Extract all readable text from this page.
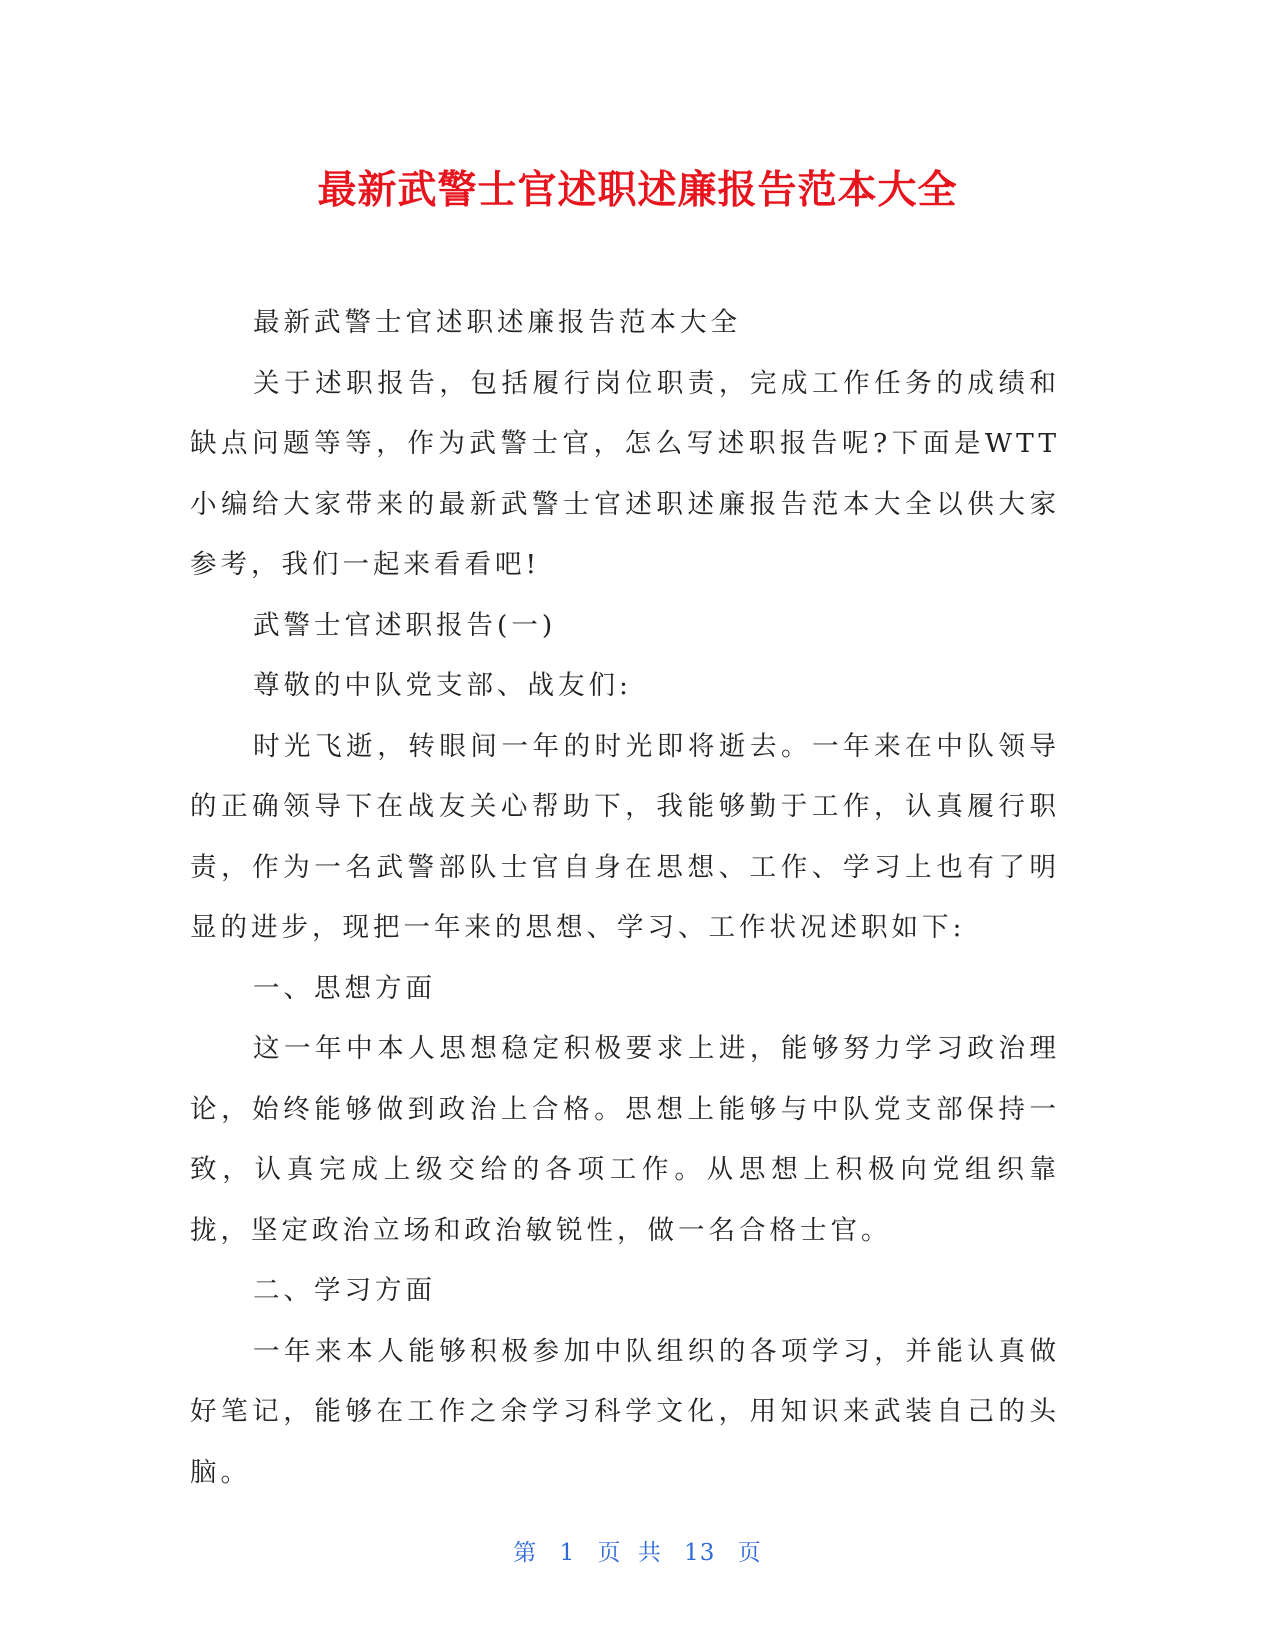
最新武警士官述职述廉报告范本大全

最新武警士官述职述廉报告范本大全

关于述职报告，包括履行岗位职责，完成工作任务的成绩和缺点问题等等，作为武警士官，怎么写述职报告呢?下面是WTT小编给大家带来的最新武警士官述职述廉报告范本大全以供大家参考，我们一起来看看吧!

武警士官述职报告(一)

尊敬的中队党支部、战友们:

时光飞逝，转眼间一年的时光即将逝去。一年来在中队领导的正确领导下在战友关心帮助下，我能够勤于工作，认真履行职责，作为一名武警部队士官自身在思想、工作、学习上也有了明显的进步，现把一年来的思想、学习、工作状况述职如下:

一、思想方面

这一年中本人思想稳定积极要求上进，能够努力学习政治理论，始终能够做到政治上合格。思想上能够与中队党支部保持一致，认真完成上级交给的各项工作。从思想上积极向党组织靠拢，坚定政治立场和政治敏锐性，做一名合格士官。

二、学习方面

一年来本人能够积极参加中队组织的各项学习，并能认真做好笔记，能够在工作之余学习科学文化，用知识来武装自己的头脑。

第 1 页 共 13 页
